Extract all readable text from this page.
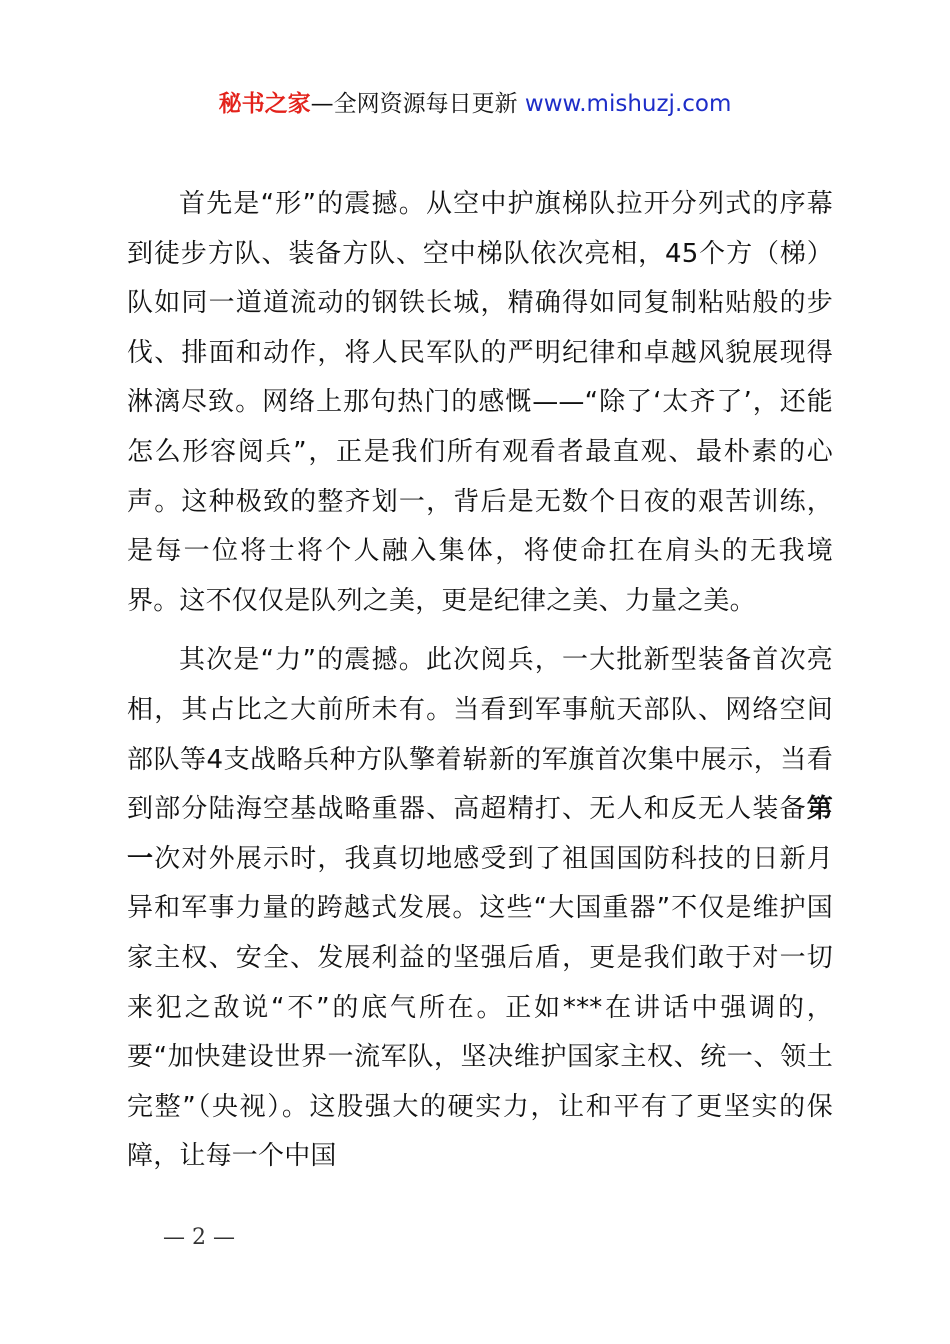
秘书之家—全网资源每日更新 www.mishuzj.com

首先是“形”的震撼。从空中护旗梯队拉开分列式的序幕到徒步方队、装备方队、空中梯队依次亮相，45个方（梯）队如同一道道流动的钢铁长城，精确得如同复制粘贴般的步伐、排面和动作，将人民军队的严明纪律和卓越风貌展现得淋漓尽致。网络上那句热门的感慨——“除了‘太齐了’，还能怎么形容阅兵”，正是我们所有观看者最直观、最朴素的心声。这种极致的整齐划一，背后是无数个日夜的艰苦训练，是每一位将士将个人融入集体，将使命扛在肩头的无我境界。这不仅仅是队列之美，更是纪律之美、力量之美。

其次是“力”的震撼。此次阅兵，一大批新型装备首次亮相，其占比之大前所未有。当看到军事航天部队、网络空间部队等4支战略兵种方队擎着崭新的军旗首次集中展示，当看到部分陆海空基战略重器、高超精打、无人和反无人装备第一次对外展示时，我真切地感受到了祖国国防科技的日新月异和军事力量的跨越式发展。这些“大国重器”不仅是维护国家主权、安全、发展利益的坚强后盾，更是我们敢于对一切来犯之敌说“不”的底气所在。正如***在讲话中强调的，要“加快建设世界一流军队，坚决维护国家主权、统一、领土完整”（央视）。这股强大的硬实力，让和平有了更坚实的保障，让每一个中国

— 2 —
